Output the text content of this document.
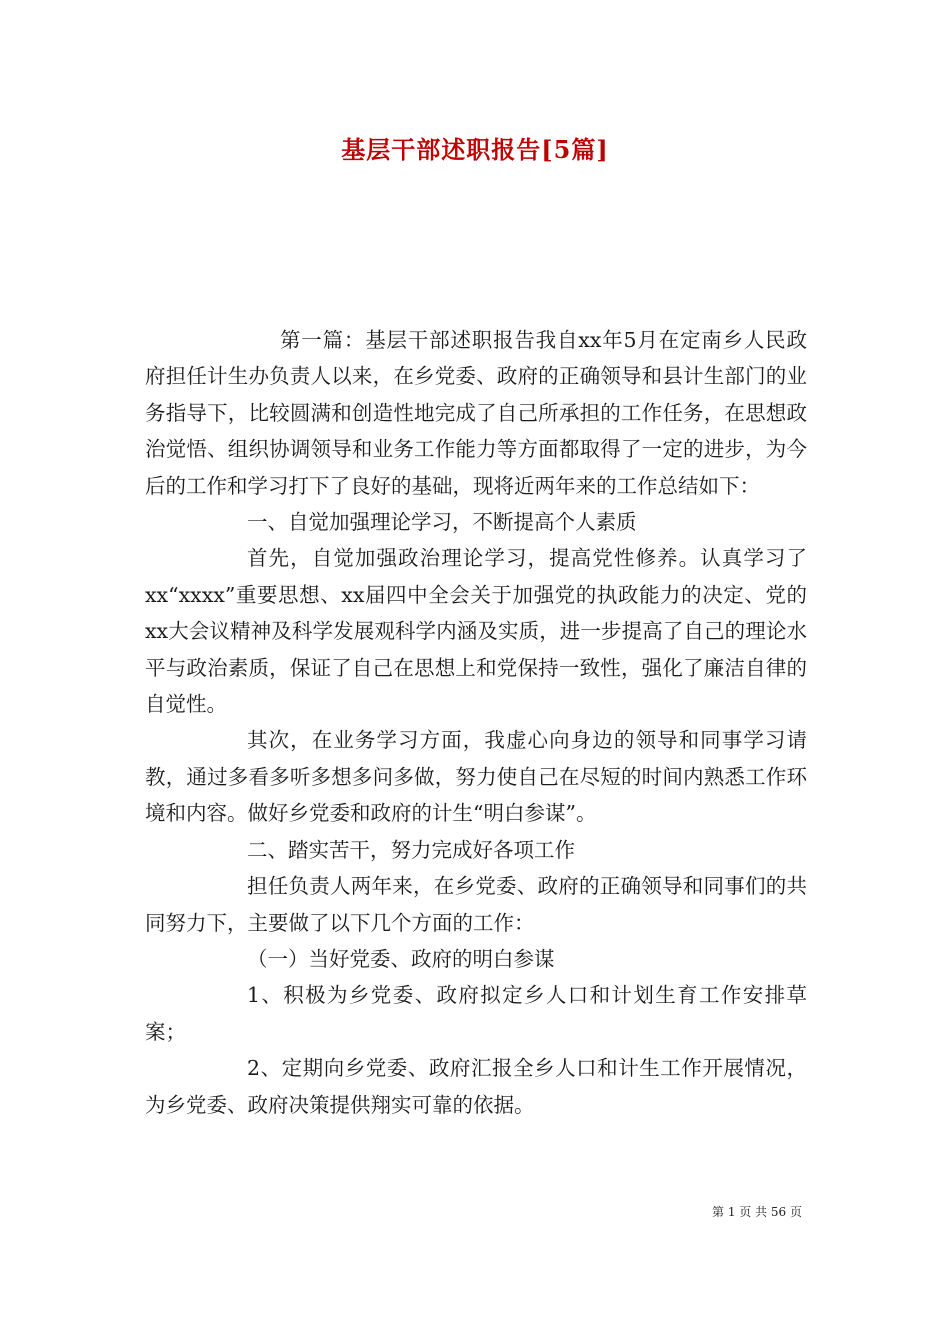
基层干部述职报告[5篇]

第一篇：基层干部述职报告我自xx年5月在定南乡人民政府担任计生办负责人以来，在乡党委、政府的正确领导和县计生部门的业务指导下，比较圆满和创造性地完成了自己所承担的工作任务，在思想政治觉悟、组织协调领导和业务工作能力等方面都取得了一定的进步，为今后的工作和学习打下了良好的基础，现将近两年来的工作总结如下：

一、自觉加强理论学习，不断提高个人素质

首先，自觉加强政治理论学习，提高党性修养。认真学习了xx“xxxx”重要思想、xx届四中全会关于加强党的执政能力的决定、党的xx大会议精神及科学发展观科学内涵及实质，进一步提高了自己的理论水平与政治素质，保证了自己在思想上和党保持一致性，强化了廉洁自律的自觉性。

其次，在业务学习方面，我虚心向身边的领导和同事学习请教，通过多看多听多想多问多做，努力使自己在尽短的时间内熟悉工作环境和内容。做好乡党委和政府的计生“明白参谋”。

二、踏实苦干，努力完成好各项工作

担任负责人两年来，在乡党委、政府的正确领导和同事们的共同努力下，主要做了以下几个方面的工作：

（一）当好党委、政府的明白参谋

1、积极为乡党委、政府拟定乡人口和计划生育工作安排草案；

2、定期向乡党委、政府汇报全乡人口和计生工作开展情况，为乡党委、政府决策提供翔实可靠的依据。

第 1 页 共 56 页
